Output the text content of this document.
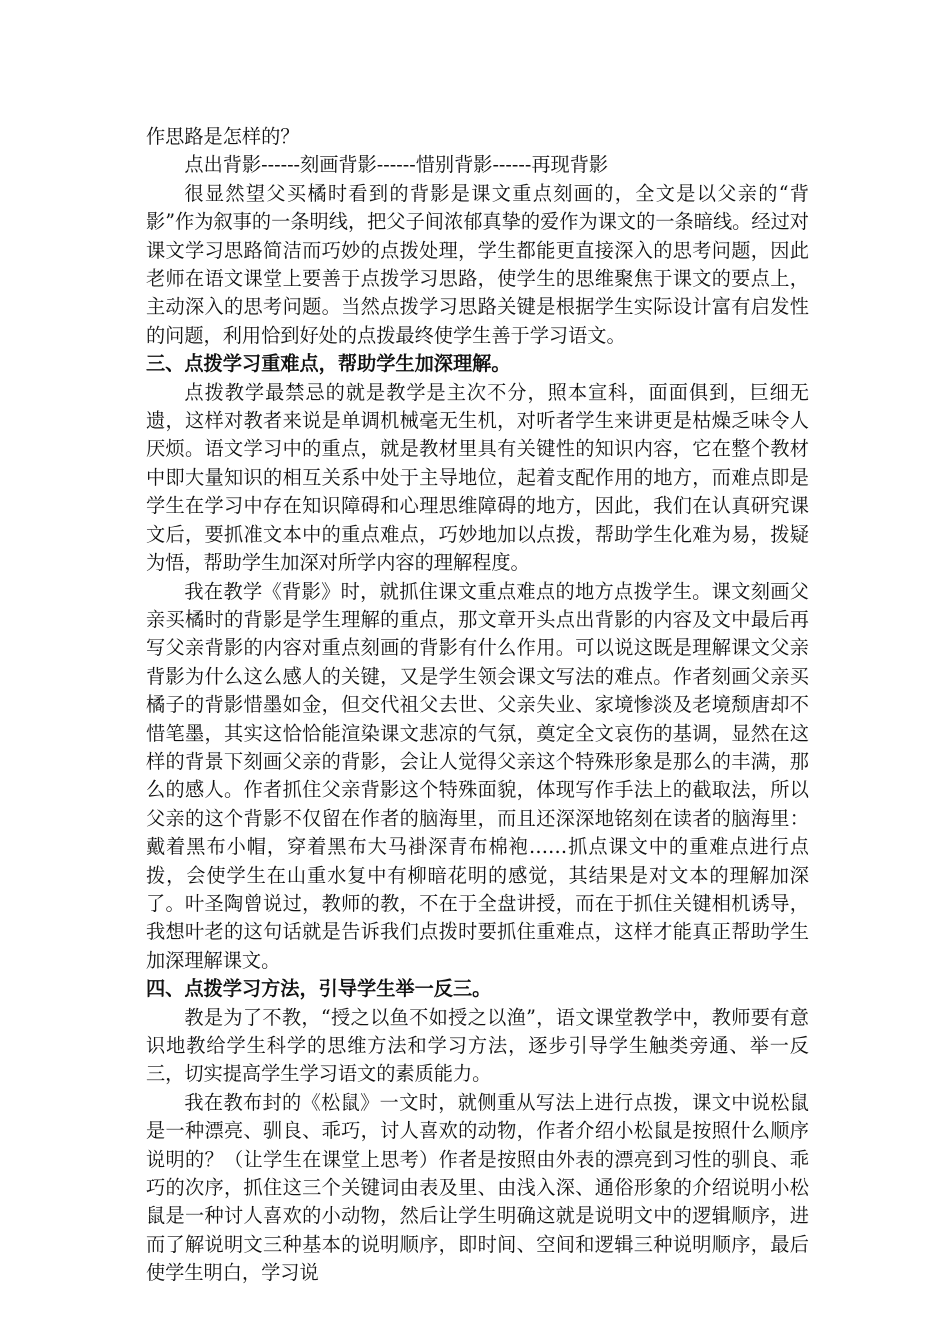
作思路是怎样的？

点出背影------刻画背影------惜别背影------再现背影

很显然望父买橘时看到的背影是课文重点刻画的，全文是以父亲的“背影”作为叙事的一条明线，把父子间浓郁真挚的爱作为课文的一条暗线。经过对课文学习思路简洁而巧妙的点拨处理，学生都能更直接深入的思考问题，因此老师在语文课堂上要善于点拨学习思路，使学生的思维聚焦于课文的要点上，主动深入的思考问题。当然点拨学习思路关键是根据学生实际设计富有启发性的问题，利用恰到好处的点拨最终使学生善于学习语文。

三、点拨学习重难点，帮助学生加深理解。

点拨教学最禁忌的就是教学是主次不分，照本宣科，面面俱到，巨细无遗，这样对教者来说是单调机械毫无生机，对听者学生来讲更是枯燥乏味令人厌烦。语文学习中的重点，就是教材里具有关键性的知识内容，它在整个教材中即大量知识的相互关系中处于主导地位，起着支配作用的地方，而难点即是学生在学习中存在知识障碍和心理思维障碍的地方，因此，我们在认真研究课文后，要抓准文本中的重点难点，巧妙地加以点拨，帮助学生化难为易，拨疑为悟，帮助学生加深对所学内容的理解程度。

我在教学《背影》时，就抓住课文重点难点的地方点拨学生。课文刻画父亲买橘时的背影是学生理解的重点，那文章开头点出背影的内容及文中最后再写父亲背影的内容对重点刻画的背影有什么作用。可以说这既是理解课文父亲背影为什么这么感人的关键，又是学生领会课文写法的难点。作者刻画父亲买橘子的背影惜墨如金，但交代祖父去世、父亲失业、家境惨淡及老境颓唐却不惜笔墨，其实这恰恰能渲染课文悲凉的气氛，奠定全文哀伤的基调，显然在这样的背景下刻画父亲的背影，会让人觉得父亲这个特殊形象是那么的丰满，那么的感人。作者抓住父亲背影这个特殊面貌，体现写作手法上的截取法，所以父亲的这个背影不仅留在作者的脑海里，而且还深深地铭刻在读者的脑海里：戴着黑布小帽，穿着黑布大马褂深青布棉袍……抓点课文中的重难点进行点拨，会使学生在山重水复中有柳暗花明的感觉，其结果是对文本的理解加深了。叶圣陶曾说过，教师的教，不在于全盘讲授，而在于抓住关键相机诱导，我想叶老的这句话就是告诉我们点拨时要抓住重难点，这样才能真正帮助学生加深理解课文。

四、点拨学习方法，引导学生举一反三。

教是为了不教，“授之以鱼不如授之以渔”，语文课堂教学中，教师要有意识地教给学生科学的思维方法和学习方法，逐步引导学生触类旁通、举一反三，切实提高学生学习语文的素质能力。

我在教布封的《松鼠》一文时，就侧重从写法上进行点拨，课文中说松鼠是一种漂亮、驯良、乖巧，讨人喜欢的动物，作者介绍小松鼠是按照什么顺序说明的？（让学生在课堂上思考）作者是按照由外表的漂亮到习性的驯良、乖巧的次序，抓住这三个关键词由表及里、由浅入深、通俗形象的介绍说明小松鼠是一种讨人喜欢的小动物，然后让学生明确这就是说明文中的逻辑顺序，进而了解说明文三种基本的说明顺序，即时间、空间和逻辑三种说明顺序，最后使学生明白，学习说
